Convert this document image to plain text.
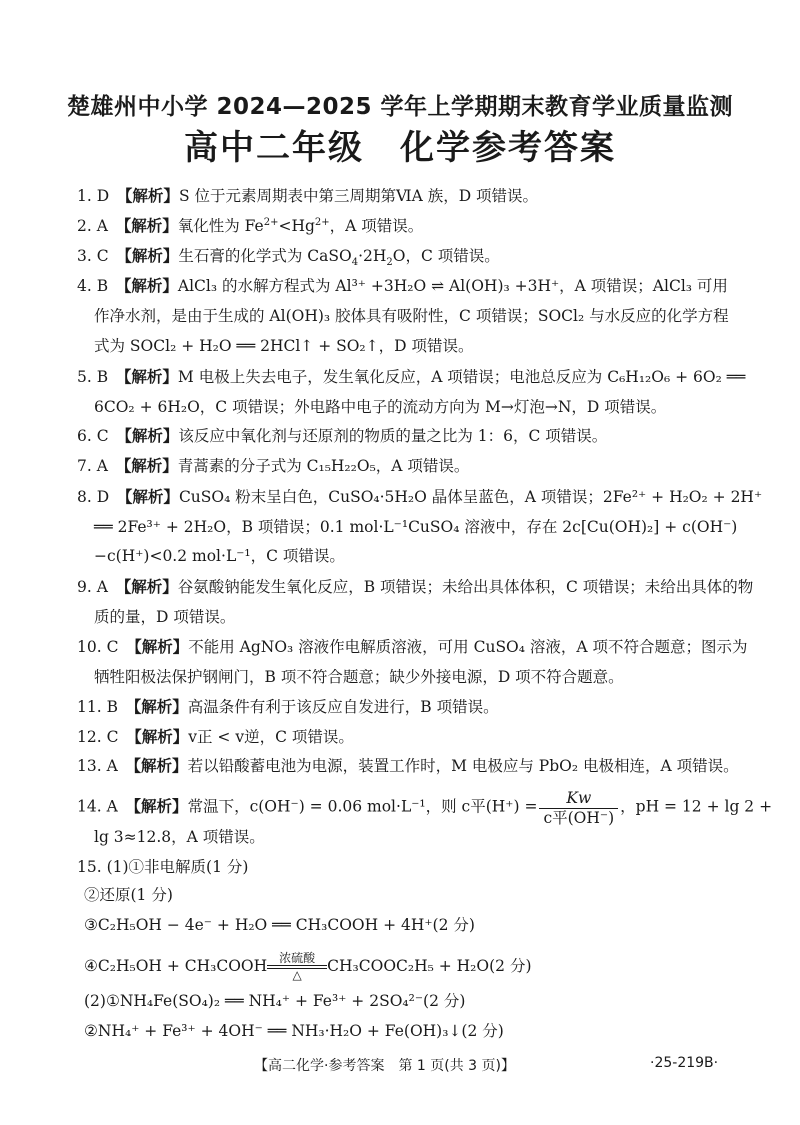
楚雄州中小学 2024—2025 学年上学期期末教育学业质量监测
高中二年级　化学参考答案
1. D　 【解析】S 位于元素周期表中第三周期第ⅥA 族，D 项错误。
2. A　 【解析】氧化性为 $Fe^{2+}<Hg^{2+}$，A 项错误。
3. C　 【解析】生石膏的化学式为 $CaSO_4\cdot 2H_2O$，C 项错误。
4. B　 【解析】AlCl₃ 的水解方程式为 Al³⁺ +3H₂O ⇌ Al(OH)₃ +3H⁺，A 项错误；AlCl₃ 可用
作净水剂，是由于生成的 Al(OH)₃ 胶体具有吸附性，C 项错误；SOCl₂ 与水反应的化学方程
式为 SOCl₂ + H₂O ══ 2HCl↑ + SO₂↑，D 项错误。
5. B　 【解析】M 电极上失去电子，发生氧化反应，A 项错误；电池总反应为 C₆H₁₂O₆ + 6O₂ ══
6CO₂ + 6H₂O，C 项错误；外电路中电子的流动方向为 M→灯泡→N，D 项错误。
6. C　 【解析】该反应中氧化剂与还原剂的物质的量之比为 1：6，C 项错误。
7. A　 【解析】青蒿素的分子式为 C₁₅H₂₂O₅，A 项错误。
8. D　 【解析】CuSO₄ 粉末呈白色，CuSO₄·5H₂O 晶体呈蓝色，A 项错误；2Fe²⁺ + H₂O₂ + 2H⁺
══ 2Fe³⁺ + 2H₂O，B 项错误；0.1 mol·L⁻¹CuSO₄ 溶液中，存在 2c[Cu(OH)₂] + c(OH⁻)
−c(H⁺)<0.2 mol·L⁻¹，C 项错误。
9. A　 【解析】谷氨酸钠能发生氧化反应，B 项错误；未给出具体体积，C 项错误；未给出具体的物
质的量，D 项错误。
10. C　 【解析】不能用 AgNO₃ 溶液作电解质溶液，可用 CuSO₄ 溶液，A 项不符合题意；图示为
牺牲阳极法保护钢闸门，B 项不符合题意；缺少外接电源，D 项不符合题意。
11. B　 【解析】高温条件有利于该反应自发进行，B 项错误。
12. C　 【解析】v正 < v逆，C 项错误。
13. A　 【解析】若以铅酸蓄电池为电源，装置工作时，M 电极应与 PbO₂ 电极相连，A 项错误。
14. A　 【解析】常温下，c(OH⁻) = 0.06 mol·L⁻¹，则 c平$(H^+) = \frac{Kw}{\text{c平(OH⁻)}}$ ，pH = 12 + lg 2 +
lg 3≈12.8，A 项错误。
15. (1)①非电解质(1 分)
②还原(1 分)
③C₂H₅OH − 4e⁻ + H₂O ══ CH₃COOH + 4H⁺(2 分)
④C₂H₅OH + CH₃COOH 浓硫酸
△	CH₃COOC₂H₅ + H₂O(2 分)
(2)①NH₄Fe(SO₄)₂ ══ NH₄⁺ + Fe³⁺ + 2SO₄²⁻(2 分)
②NH₄⁺ + Fe³⁺ + 4OH⁻ ══ NH₃·H₂O + Fe(OH)₃↓(2 分)
【高二化学·参考答案　第 1 页(共 3 页)】	·25-219B·
